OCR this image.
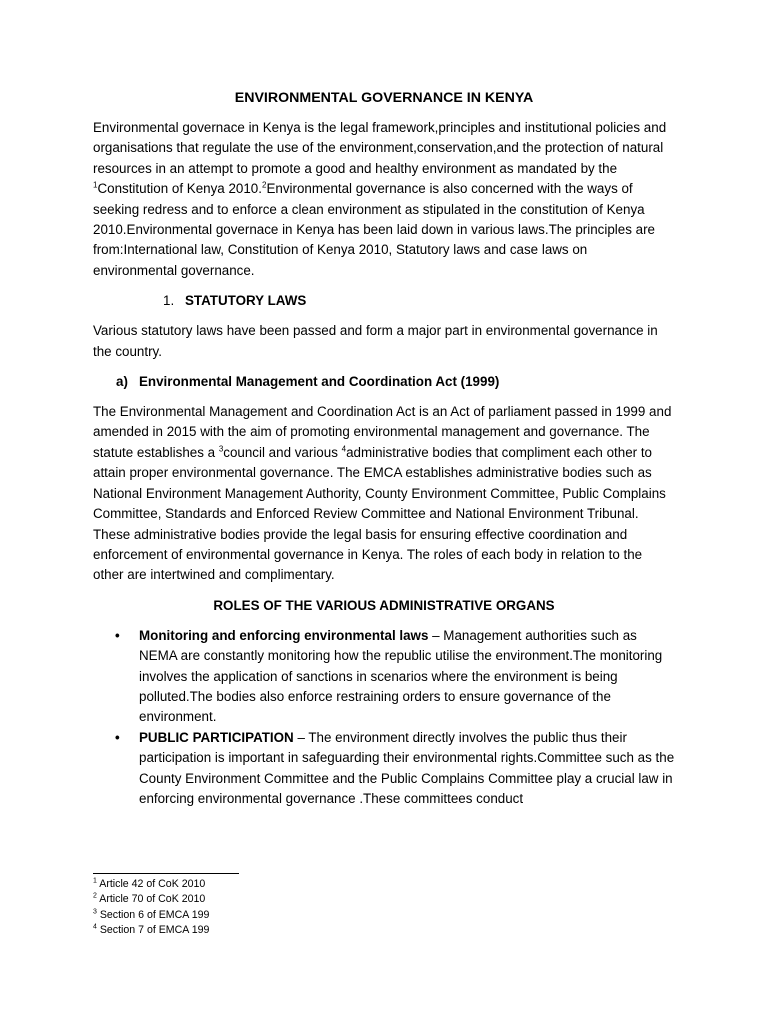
ENVIRONMENTAL GOVERNANCE IN KENYA

Environmental governace in Kenya is the legal framework,principles and institutional policies and organisations that regulate the use of the environment,conservation,and the protection of natural resources in an attempt to promote a good and healthy environment as mandated by the $^1$Constitution of Kenya 2010.$^2$Environmental governance is also concerned with the ways of seeking redress and to enforce a clean environment as stipulated in the constitution of Kenya 2010.Environmental governace in Kenya has been laid down in various laws.The principles are from:International law, Constitution of Kenya 2010, Statutory laws and case laws on environmental governance.

1. STATUTORY LAWS

Various statutory laws have been passed and form a major part in environmental governance in the country.

a) Environmental Management and Coordination Act (1999)

The Environmental Management and Coordination Act is an Act of parliament passed in 1999 and amended in 2015 with the aim of promoting environmental management and governance. The statute establishes a $^3$council and various $^4$administrative bodies that compliment each other to attain proper environmental governance. The EMCA establishes administrative bodies such as National Environment Management Authority, County Environment Committee, Public Complains Committee, Standards and Enforced Review Committee and National Environment Tribunal. These administrative bodies provide the legal basis for ensuring effective coordination and enforcement of environmental governance in Kenya. The roles of each body in relation to the other are intertwined and complimentary.

ROLES OF THE VARIOUS ADMINISTRATIVE ORGANS
• Monitoring and enforcing environmental laws – Management authorities such as NEMA are constantly monitoring how the republic utilise the environment.The monitoring involves the application of sanctions in scenarios where the environment is being polluted.The bodies also enforce restraining orders to ensure governance of the environment.
• PUBLIC PARTICIPATION – The environment directly involves the public thus their participation is important in safeguarding their environmental rights.Committee such as the County Environment Committee and the Public Complains Committee play a crucial law in enforcing environmental governance .These committees conduct
$^1$ Article 42 of CoK 2010
$^2$ Article 70 of CoK 2010
$^3$ Section 6 of EMCA 199
$^4$ Section 7 of EMCA 199
